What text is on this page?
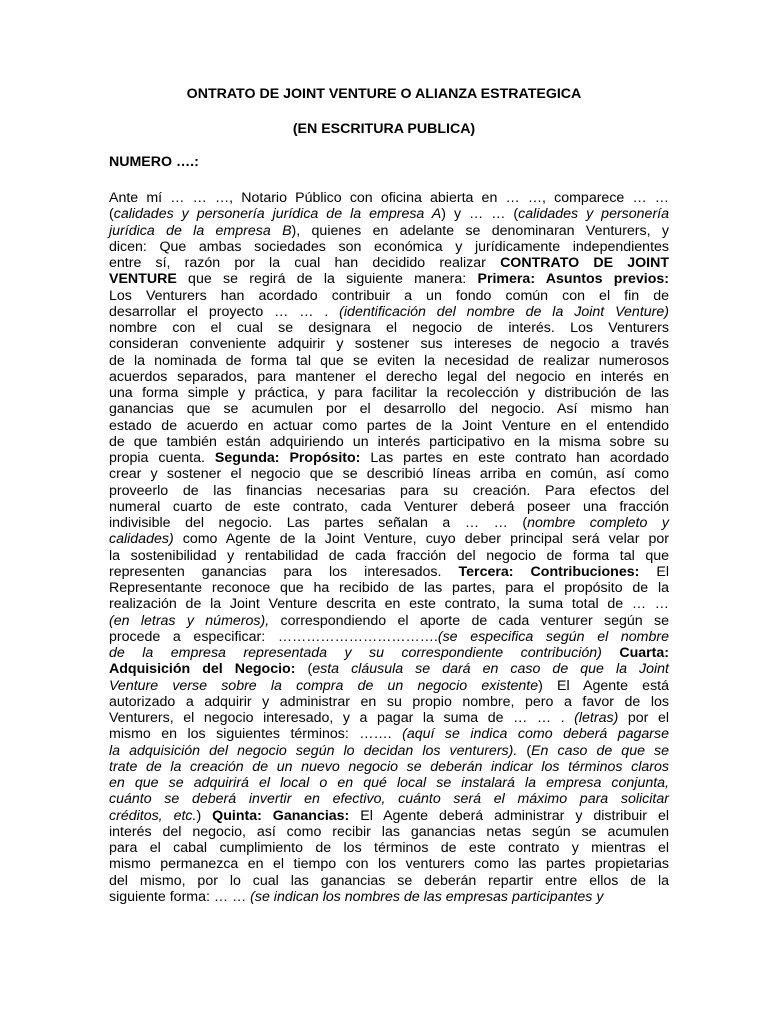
ONTRATO DE JOINT VENTURE O ALIANZA ESTRATEGICA
(EN ESCRITURA PUBLICA)
NUMERO ….:
Ante mí … … …, Notario Público con oficina abierta en … …, comparece … …
(calidades y personería jurídica de la empresa A) y … … (calidades y personería
jurídica de la empresa B), quienes en adelante se denominaran Venturers, y
dicen: Que ambas sociedades son económica y jurídicamente independientes
entre sí, razón por la cual han decidido realizar CONTRATO DE JOINT
VENTURE que se regirá de la siguiente manera: Primera: Asuntos previos:
Los Venturers han acordado contribuir a un fondo común con el fin de
desarrollar el proyecto … … . (identificación del nombre de la Joint Venture)
nombre con el cual se designara el negocio de interés. Los Venturers
consideran conveniente adquirir y sostener sus intereses de negocio a través
de la nominada de forma tal que se eviten la necesidad de realizar numerosos
acuerdos separados, para mantener el derecho legal del negocio en interés en
una forma simple y práctica, y para facilitar la recolección y distribución de las
ganancias que se acumulen por el desarrollo del negocio. Así mismo han
estado de acuerdo en actuar como partes de la Joint Venture en el entendido
de que también están adquiriendo un interés participativo en la misma sobre su
propia cuenta. Segunda: Propósito: Las partes en este contrato han acordado
crear y sostener el negocio que se describió líneas arriba en común, así como
proveerlo de las financias necesarias para su creación. Para efectos del
numeral cuarto de este contrato, cada Venturer deberá poseer una fracción
indivisible del negocio. Las partes señalan a … … (nombre completo y
calidades) como Agente de la Joint Venture, cuyo deber principal será velar por
la sostenibilidad y rentabilidad de cada fracción del negocio de forma tal que
representen ganancias para los interesados. Tercera: Contribuciones: El
Representante reconoce que ha recibido de las partes, para el propósito de la
realización de la Joint Venture descrita en este contrato, la suma total de … …
(en letras y números), correspondiendo el aporte de cada venturer según se
procede a especificar: …………………………….(se especifica según el nombre
de la empresa representada y su correspondiente contribución) Cuarta:
Adquisición del Negocio: (esta cláusula se dará en caso de que la Joint
Venture verse sobre la compra de un negocio existente) El Agente está
autorizado a adquirir y administrar en su propio nombre, pero a favor de los
Venturers, el negocio interesado, y a pagar la suma de … … . (letras) por el
mismo en los siguientes términos: ……. (aquí se indica como deberá pagarse
la adquisición del negocio según lo decidan los venturers). (En caso de que se
trate de la creación de un nuevo negocio se deberán indicar los términos claros
en que se adquirirá el local o en qué local se instalará la empresa conjunta,
cuánto se deberá invertir en efectivo, cuánto será el máximo para solicitar
créditos, etc.) Quinta: Ganancias: El Agente deberá administrar y distribuir el
interés del negocio, así como recibir las ganancias netas según se acumulen
para el cabal cumplimiento de los términos de este contrato y mientras el
mismo permanezca en el tiempo con los venturers como las partes propietarias
del mismo, por lo cual las ganancias se deberán repartir entre ellos de la
siguiente forma: … … (se indican los nombres de las empresas participantes y
